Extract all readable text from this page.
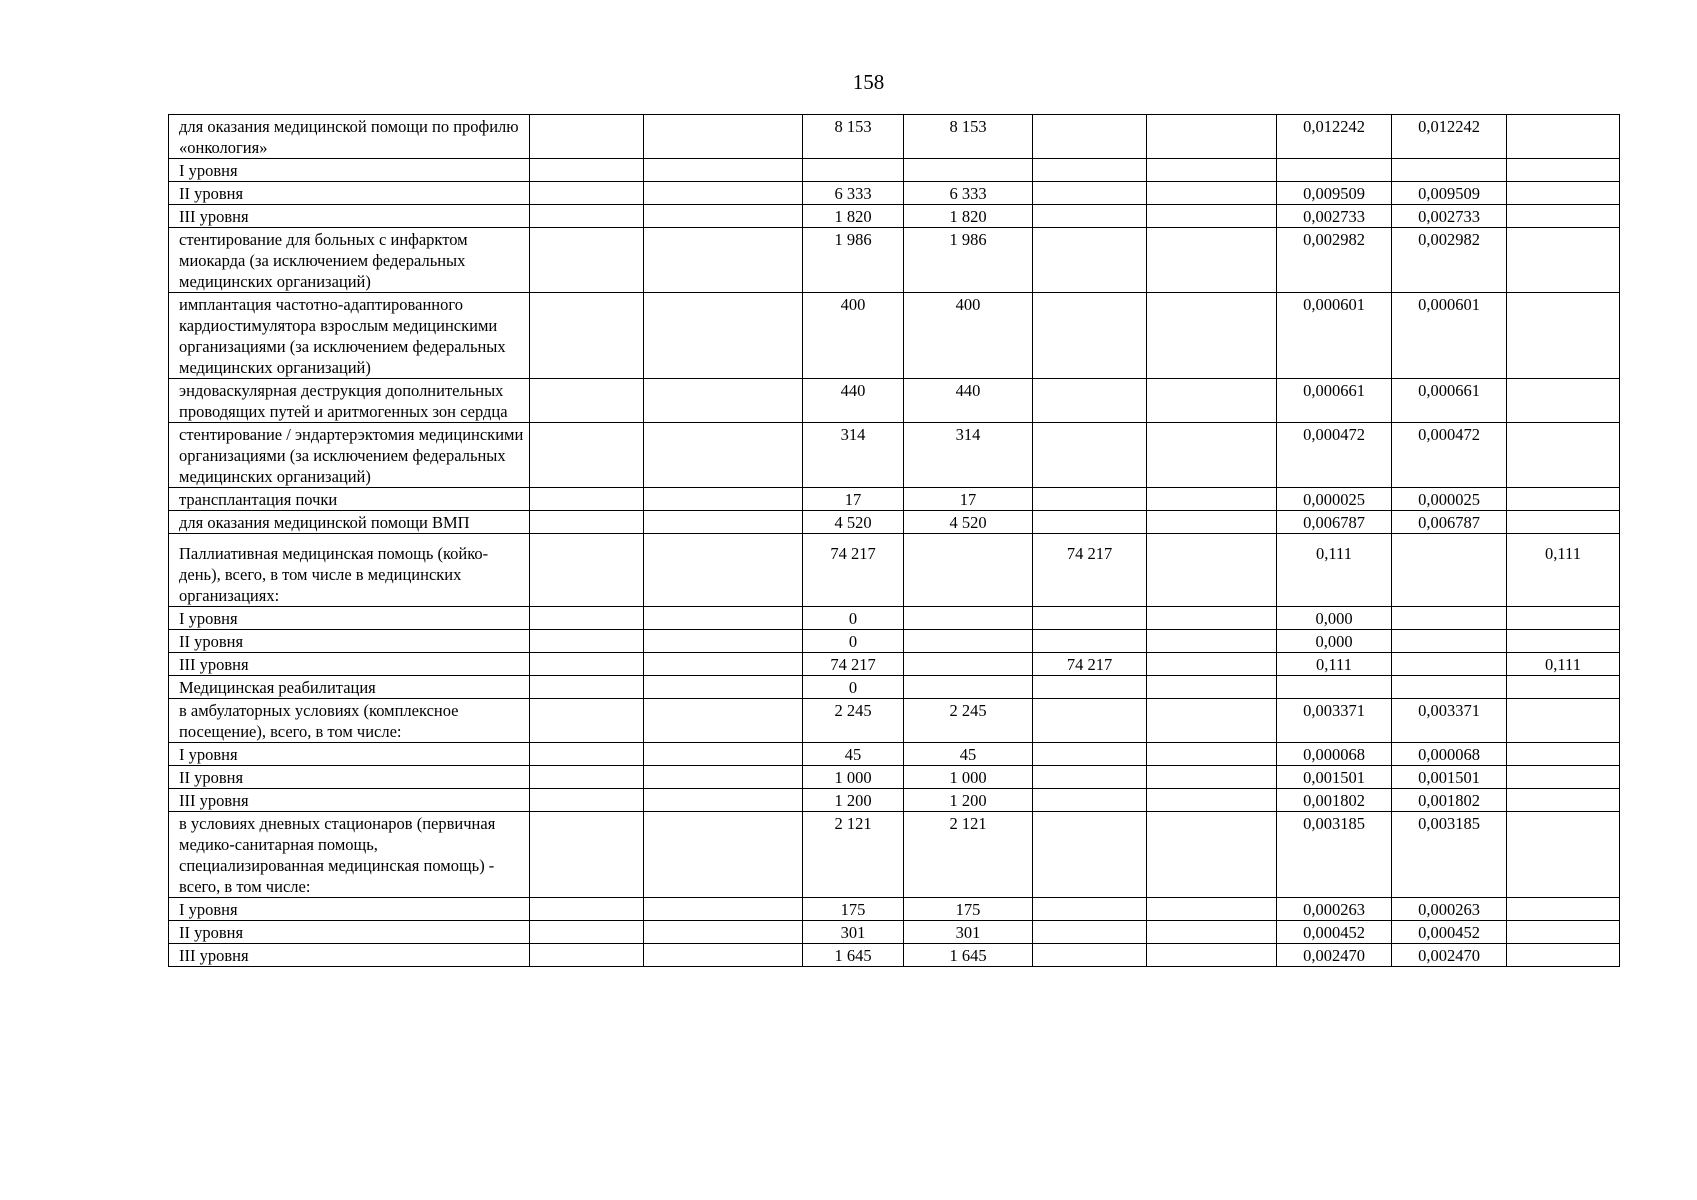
158
для оказания медицинской помощи по профилю «онкология»			8 153	8 153			0,012242	0,012242	
I уровня									
II уровня			6 333	6 333			0,009509	0,009509	
III уровня			1 820	1 820			0,002733	0,002733	
стентирование для больных с инфарктом миокарда (за исключением федеральных медицинских организаций)			1 986	1 986			0,002982	0,002982	
имплантация частотно-адаптированного кардиостимулятора взрослым медицинскими организациями (за исключением федеральных медицинских организаций)			400	400			0,000601	0,000601	
эндоваскулярная деструкция дополнительных проводящих путей и аритмогенных зон сердца			440	440			0,000661	0,000661	
стентирование / эндартерэктомия медицинскими организациями (за исключением федеральных медицинских организаций)			314	314			0,000472	0,000472	
трансплантация почки			17	17			0,000025	0,000025	
для оказания медицинской помощи ВМП			4 520	4 520			0,006787	0,006787	
Паллиативная медицинская помощь (койко-день), всего, в том числе в медицинских организациях:			74 217		74 217		0,111		0,111
I уровня			0				0,000		
II уровня			0				0,000		
III уровня			74 217		74 217		0,111		0,111
Медицинская реабилитация			0						
в амбулаторных условиях (комплексное посещение), всего, в том числе:			2 245	2 245			0,003371	0,003371	
I уровня			45	45			0,000068	0,000068	
II уровня			1 000	1 000			0,001501	0,001501	
III уровня			1 200	1 200			0,001802	0,001802	
в условиях дневных стационаров (первичная медико-санитарная помощь, специализированная медицинская помощь) - всего, в том числе:			2 121	2 121			0,003185	0,003185	
I уровня			175	175			0,000263	0,000263	
II уровня			301	301			0,000452	0,000452	
III уровня			1 645	1 645			0,002470	0,002470	
